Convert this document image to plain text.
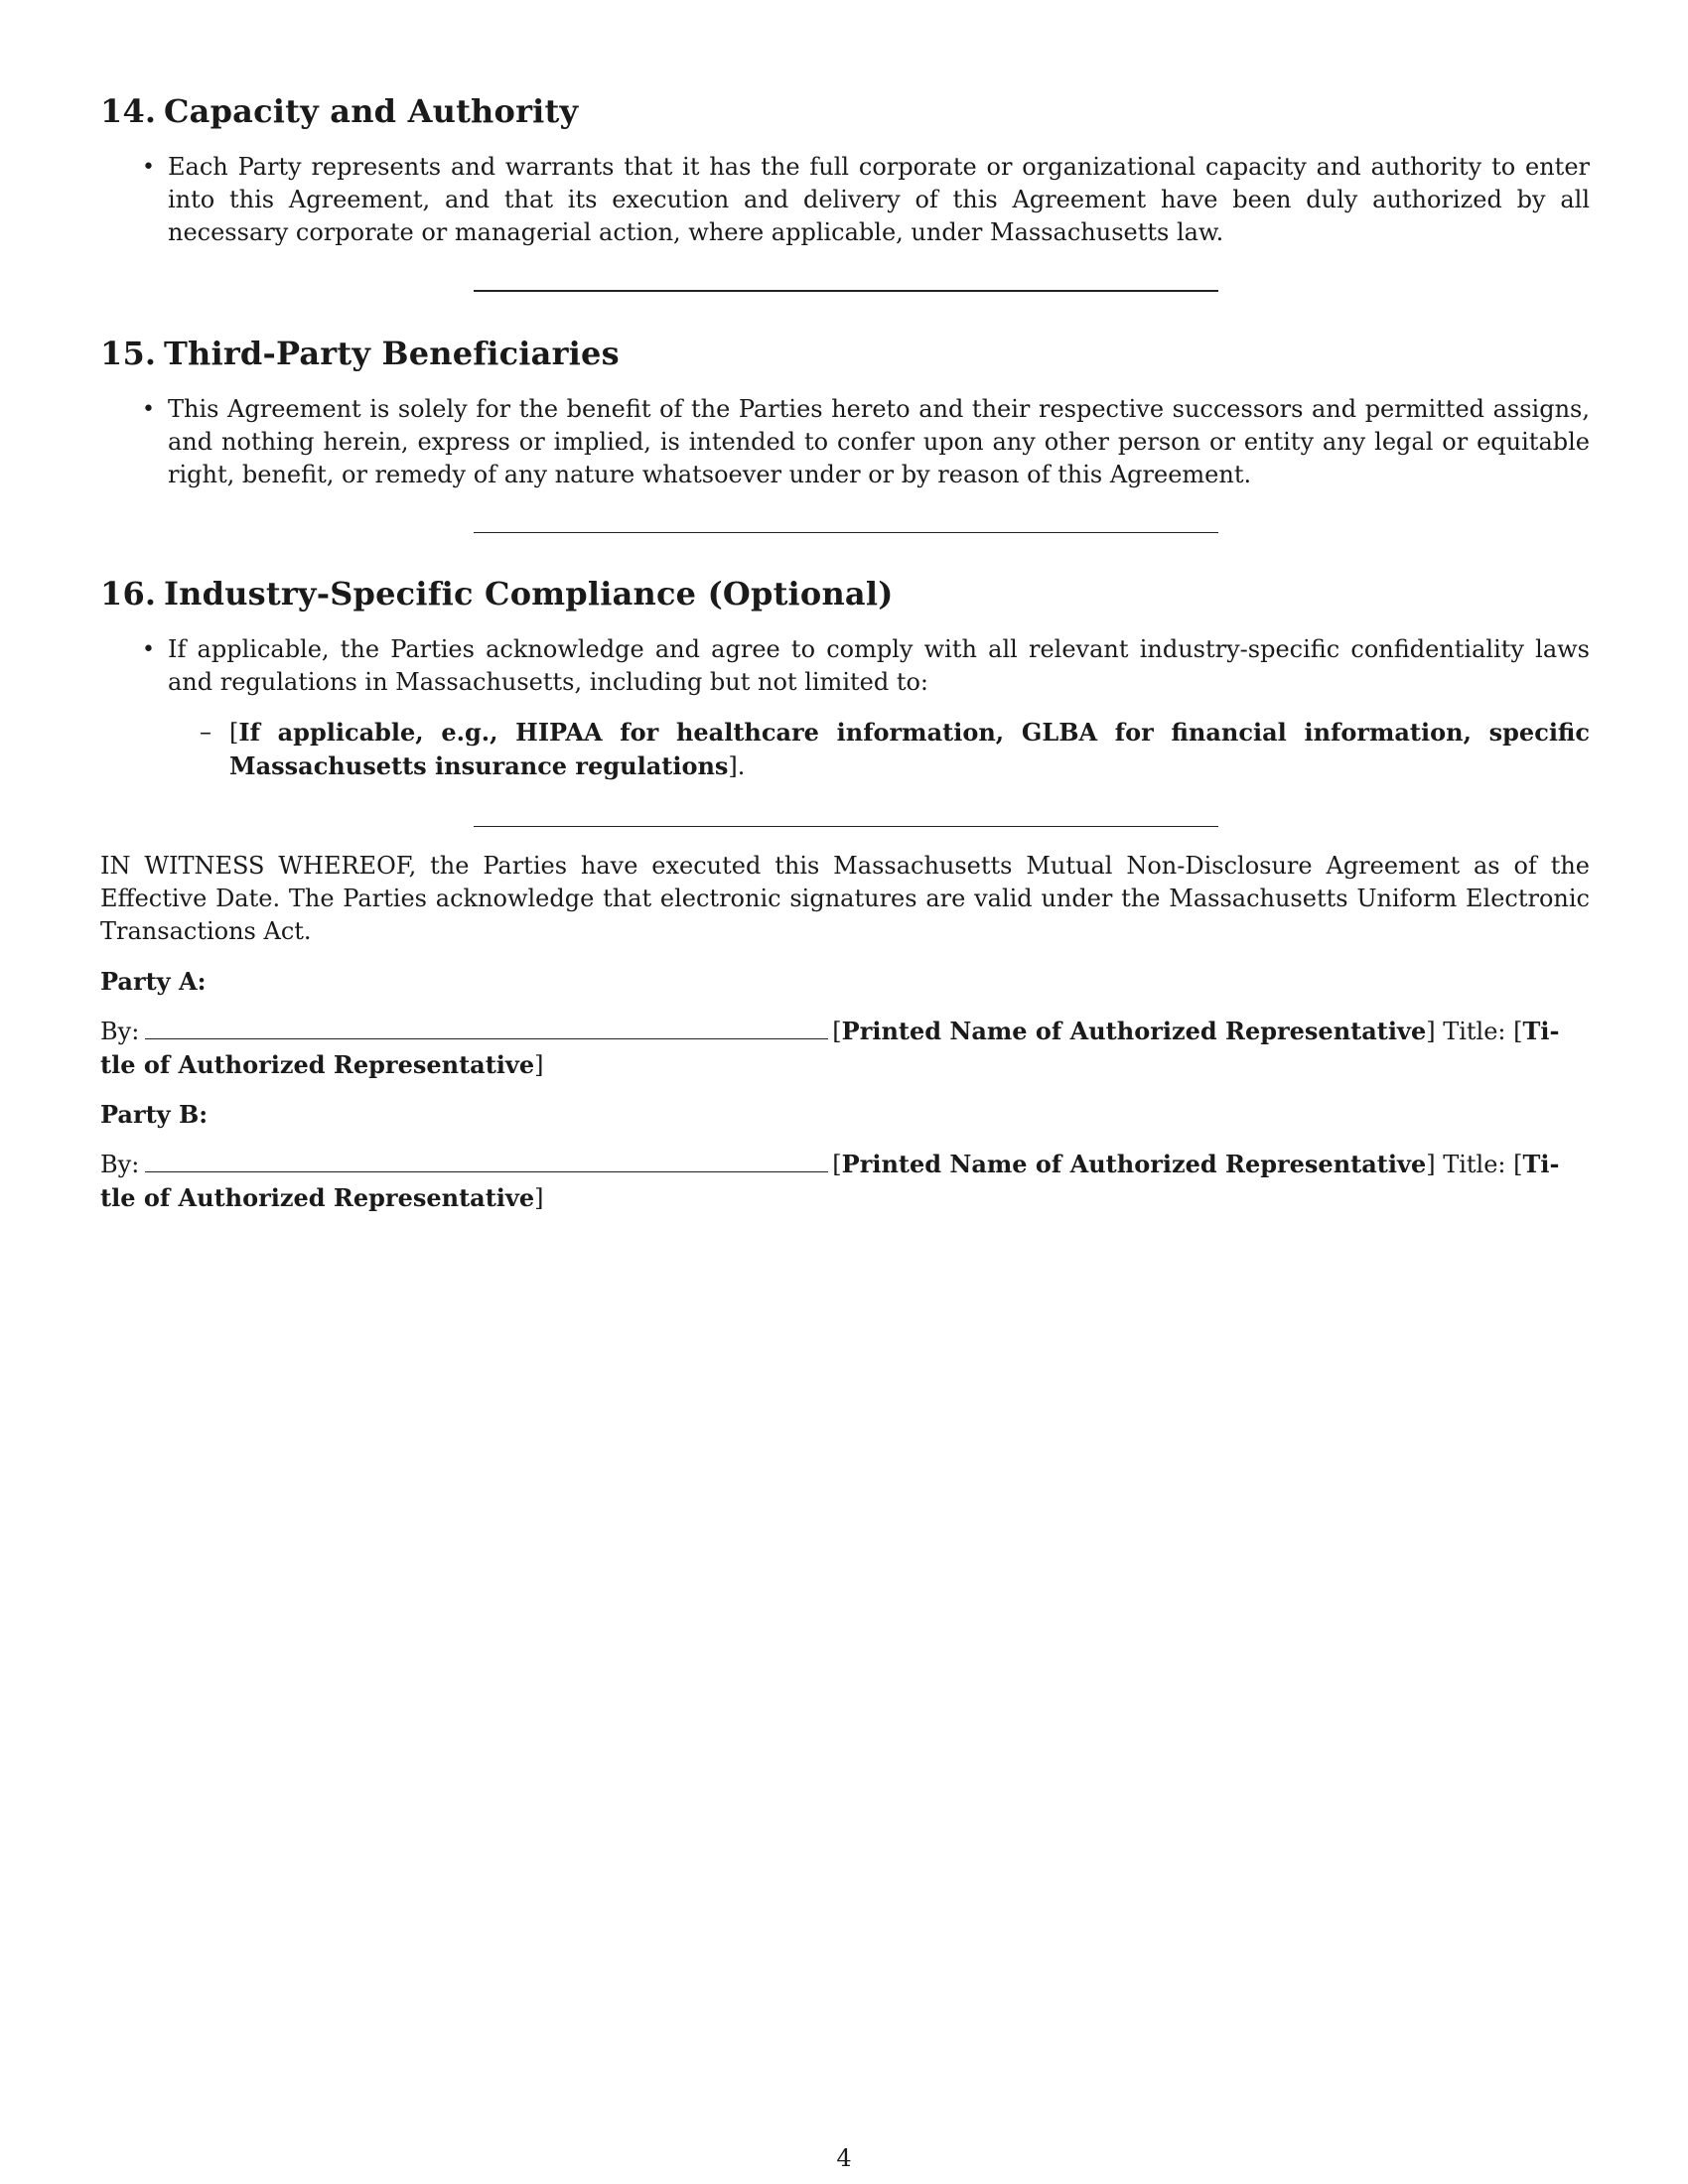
14. Capacity and Authority
• Each Party represents and warrants that it has the full corporate or organizational capacity and authority to enter into this Agreement, and that its execution and delivery of this Agreement have been duly authorized by all necessary corporate or managerial action, where applicable, under Massachusetts law.
15. Third-Party Beneficiaries
• This Agreement is solely for the benefit of the Parties hereto and their respective successors and permitted assigns, and nothing herein, express or implied, is intended to confer upon any other person or entity any legal or equitable right, benefit, or remedy of any nature whatsoever under or by reason of this Agreement.
16. Industry-Specific Compliance (Optional)
• If applicable, the Parties acknowledge and agree to comply with all relevant industry-specific confidentiality laws and regulations in Massachusetts, including but not limited to:
– [If applicable, e.g., HIPAA for healthcare information, GLBA for financial information, specific Massachusetts insurance regulations].

IN WITNESS WHEREOF, the Parties have executed this Massachusetts Mutual Non-Disclosure Agreement as of the Effective Date. The Parties acknowledge that electronic signatures are valid under the Massachusetts Uniform Electronic Transactions Act.

Party A:
By:	[Printed Name of Authorized Representative] Title: [Ti-
tle of Authorized Representative]
Party B:
By:	[Printed Name of Authorized Representative] Title: [Ti-
tle of Authorized Representative]
4
